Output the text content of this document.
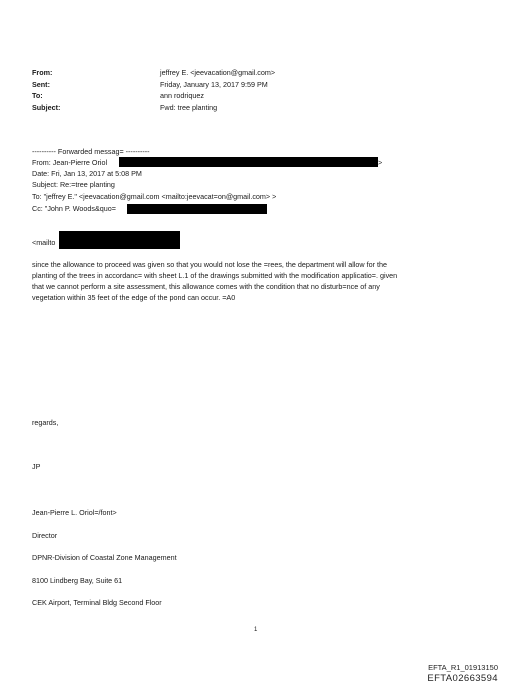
From:
Sent:
To:
Subject:
jeffrey E. <jeevacation@gmail.com>
Friday, January 13, 2017 9:59 PM
ann rodriquez
Fwd: tree planting
---------- Forwarded messag= ----------
From: Jean-Pierre Oriol	>
Date: Fri, Jan 13, 2017 at 5:08 PM
Subject: Re:=tree planting
To: "jeffrey E." <jeevacation@gmail.com <mailto:jeevacat=on@gmail.com> >
Cc: "John P. Woods&quo=
<mailto
since the allowance to proceed was given so that you would not lose the =rees, the department will allow for the
planting of the trees in accordanc= with sheet L.1 of the drawings submitted with the modification applicatio=. given
that we cannot perform a site assessment, this allowance comes with the condition that no disturb=nce of any
vegetation within 35 feet of the edge of the pond can occur. =A0
regards,
JP
Jean-Pierre L. Oriol=/font>
Director
DPNR-Division of Coastal Zone Management
8100 Lindberg Bay, Suite 61
CEK Airport, Terminal Bldg Second Floor
1
EFTA_R1_01913150
EFTA02663594
